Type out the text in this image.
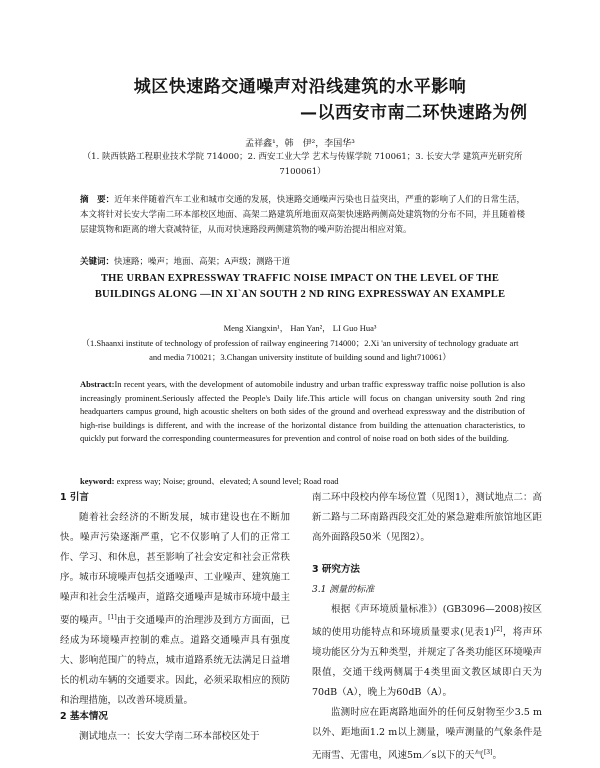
城区快速路交通噪声对沿线建筑的水平影响
—以西安市南二环快速路为例
孟祥鑫¹，韩　伊²，李国华³
（1. 陕西铁路工程职业技术学院 714000；2. 西安工业大学 艺术与传媒学院 710061；3. 长安大学 建筑声光研究所 7100061）
摘　要：近年来伴随着汽车工业和城市交通的发展，快速路交通噪声污染也日益突出，严重的影响了人们的日常生活，本文将针对长安大学南二环本部校区地面、高架二路建筑所地面双高架快速路两侧高处建筑物的分布不同，并且随着楼层建筑物和距离的增大衰减特征，从而对快速路段两侧建筑物的噪声防治提出相应对策。
关键词：快速路；噪声；地面、高架；A声级；测路干道
THE URBAN EXPRESSWAY TRAFFIC NOISE IMPACT ON THE LEVEL OF THE BUILDINGS ALONG —IN XI`AN SOUTH 2 ND RING EXPRESSWAY AN EXAMPLE
Meng Xiangxin¹， Han Yan²， LI Guo Hua³
（1.Shaanxi institute of technology of profession of railway engineering 714000；2.Xi 'an university of technology graduate art and media 710021；3.Changan university institute of building sound and light710061）
Abstract:In recent years, with the development of automobile industry and urban traffic expressway traffic noise pollution is also increasingly prominent.Seriously affected the People's Daily life.This article will focus on changan university south 2nd ring headquarters campus ground, high acoustic shelters on both sides of the ground and overhead expressway and the distribution of high-rise buildings is different, and with the increase of the horizontal distance from building the attenuation characteristics, to quickly put forward the corresponding countermeasures for prevention and control of noise road on both sides of the building.
keyword: express way; Noise; ground、elevated; A sound level; Road road
1 引言
随着社会经济的不断发展，城市建设也在不断加快。噪声污染逐渐严重，它不仅影响了人们的正常工作、学习、和休息，甚至影响了社会安定和社会正常秩序。城市环境噪声包括交通噪声、工业噪声、建筑施工噪声和社会生活噪声，道路交通噪声是城市环境中最主要的噪声。[1]由于交通噪声的治理涉及到方方面面，已经成为环境噪声控制的难点。道路交通噪声具有强度大、影响范围广的特点，城市道路系统无法满足日益增长的机动车辆的交通要求。因此，必须采取相应的预防和治理措施，以改善环境质量。
2 基本情况
测试地点一：长安大学南二环本部校区处于
南二环中段校内停车场位置（见图1），测试地点二：高新二路与二环南路西段交汇处的紧急避难所旅馆地区距高外面路段50米（见图2）。
3 研究方法
3.1 测量的标准
根据《声环境质量标准》）(GB3096—2008)按区域的使用功能特点和环境质量要求(见表1)[2]，将声环境功能区分为五种类型，并规定了各类功能区环境噪声限值，交通干线两侧属于4类里面文教区域即白天为70dB（A），晚上为60dB（A）。
监测时应在距离路地面外的任何反射物至少3.5 m以外、距地面1.2 m以上测量，噪声测量的气象条件是无雨雪、无雷电，风速5m／s以下的天气[3]。
